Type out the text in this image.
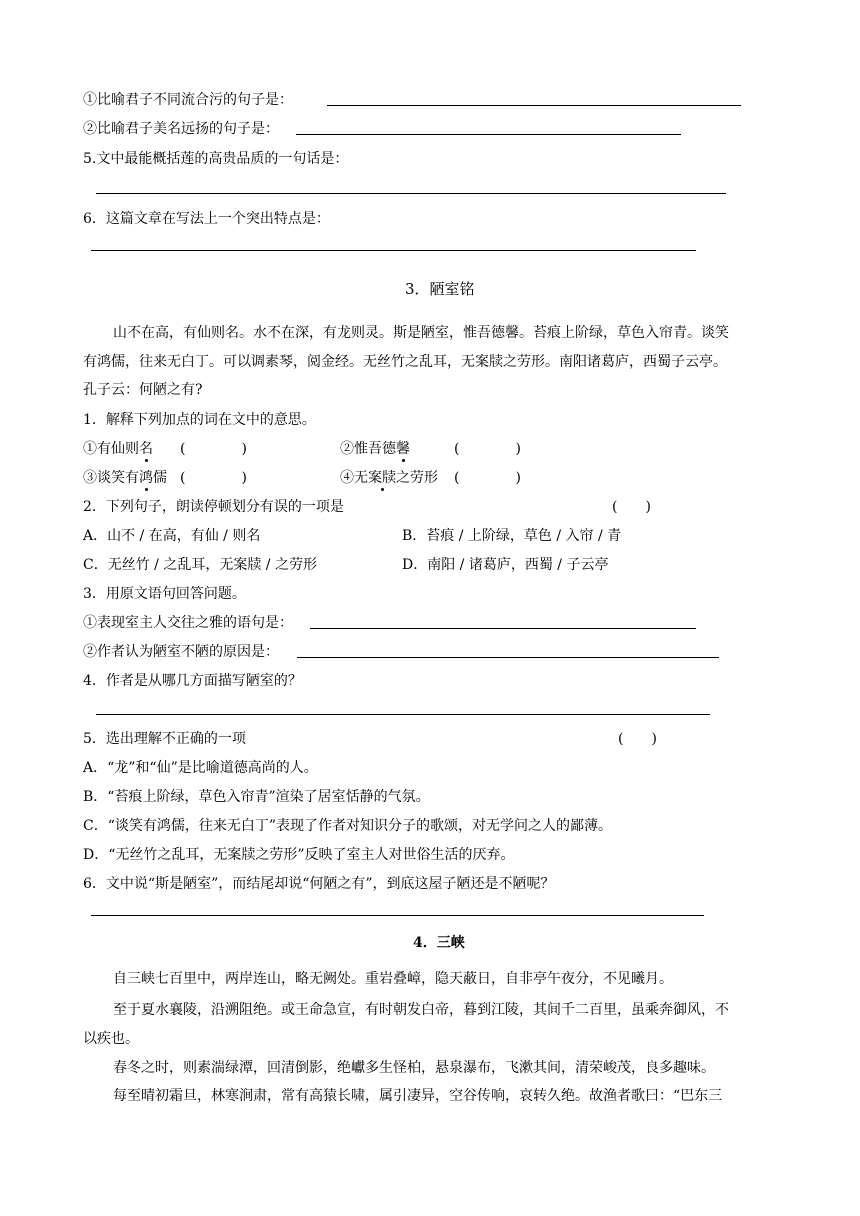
①比喻君子不同流合污的句子是：
②比喻君子美名远扬的句子是：
5.文中最能概括莲的高贵品质的一句话是：
6．这篇文章在写法上一个突出特点是：
3．陋室铭
山不在高，有仙则名。水不在深，有龙则灵。斯是陋室，惟吾德馨。苔痕上阶绿，草色入帘青。谈笑
有鸿儒，往来无白丁。可以调素琴，阅金经。无丝竹之乱耳，无案牍之劳形。南阳诸葛庐，西蜀子云亭。
孔子云：何陋之有?
1．解释下列加点的词在文中的意思。
①有仙则名 (　　　　)	②惟吾德馨	(　　　　)
③谈笑有鸿儒 (　　　　)	④无案牍之劳形 (　　　　)
2．下列句子，朗读停顿划分有误的一项是	(　　)
A．山不 / 在高，有仙 / 则名	B．苔痕 / 上阶绿，草色 / 入帘 / 青
C．无丝竹 / 之乱耳，无案牍 / 之劳形	D．南阳 / 诸葛庐，西蜀 / 子云亭
3．用原文语句回答问题。
①表现室主人交往之雅的语句是：
②作者认为陋室不陋的原因是：
4．作者是从哪几方面描写陋室的？
5．选出理解不正确的一项	(　　)
A．“龙”和“仙”是比喻道德高尚的人。
B．“苔痕上阶绿，草色入帘青”渲染了居室恬静的气氛。
C．“谈笑有鸿儒，往来无白丁”表现了作者对知识分子的歌颂，对无学问之人的鄙薄。
D．“无丝竹之乱耳，无案牍之劳形”反映了室主人对世俗生活的厌弃。
6．文中说“斯是陋室”，而结尾却说“何陋之有”，到底这屋子陋还是不陋呢？
4．三峡
自三峡七百里中，两岸连山，略无阙处。重岩叠嶂，隐天蔽日，自非亭午夜分，不见曦月。
至于夏水襄陵，沿溯阻绝。或王命急宣，有时朝发白帝，暮到江陵，其间千二百里，虽乘奔御风，不
以疾也。
春冬之时，则素湍绿潭，回清倒影，绝巘多生怪柏，悬泉瀑布，飞漱其间，清荣峻茂，良多趣味。
每至晴初霜旦，林寒涧肃，常有高猿长啸，属引凄异，空谷传响，哀转久绝。故渔者歌曰：“巴东三
